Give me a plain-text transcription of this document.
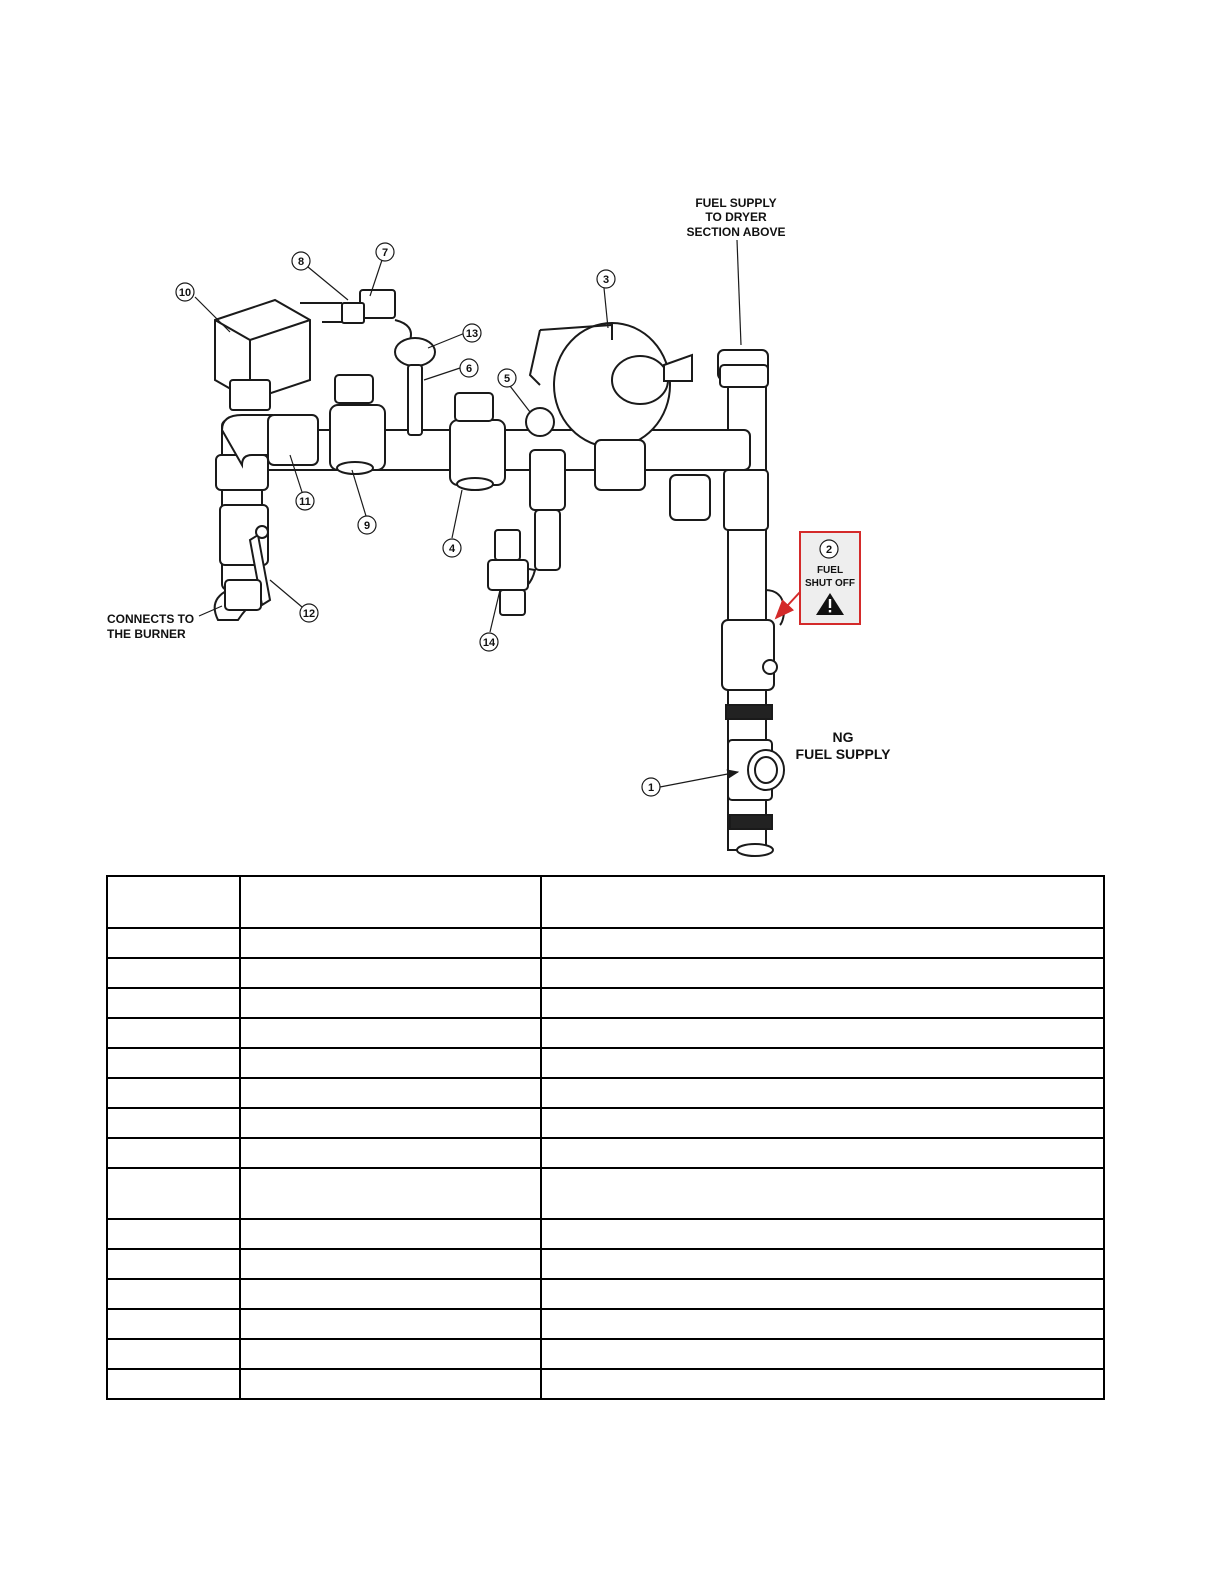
2
FUEL
SHUT OFF
1
3
4
5
6
7
8
9
10
11
12
13
14
FUEL SUPPLY
TO DRYER
SECTION ABOVE
CONNECTS TO
THE BURNER
NG
FUEL SUPPLY
